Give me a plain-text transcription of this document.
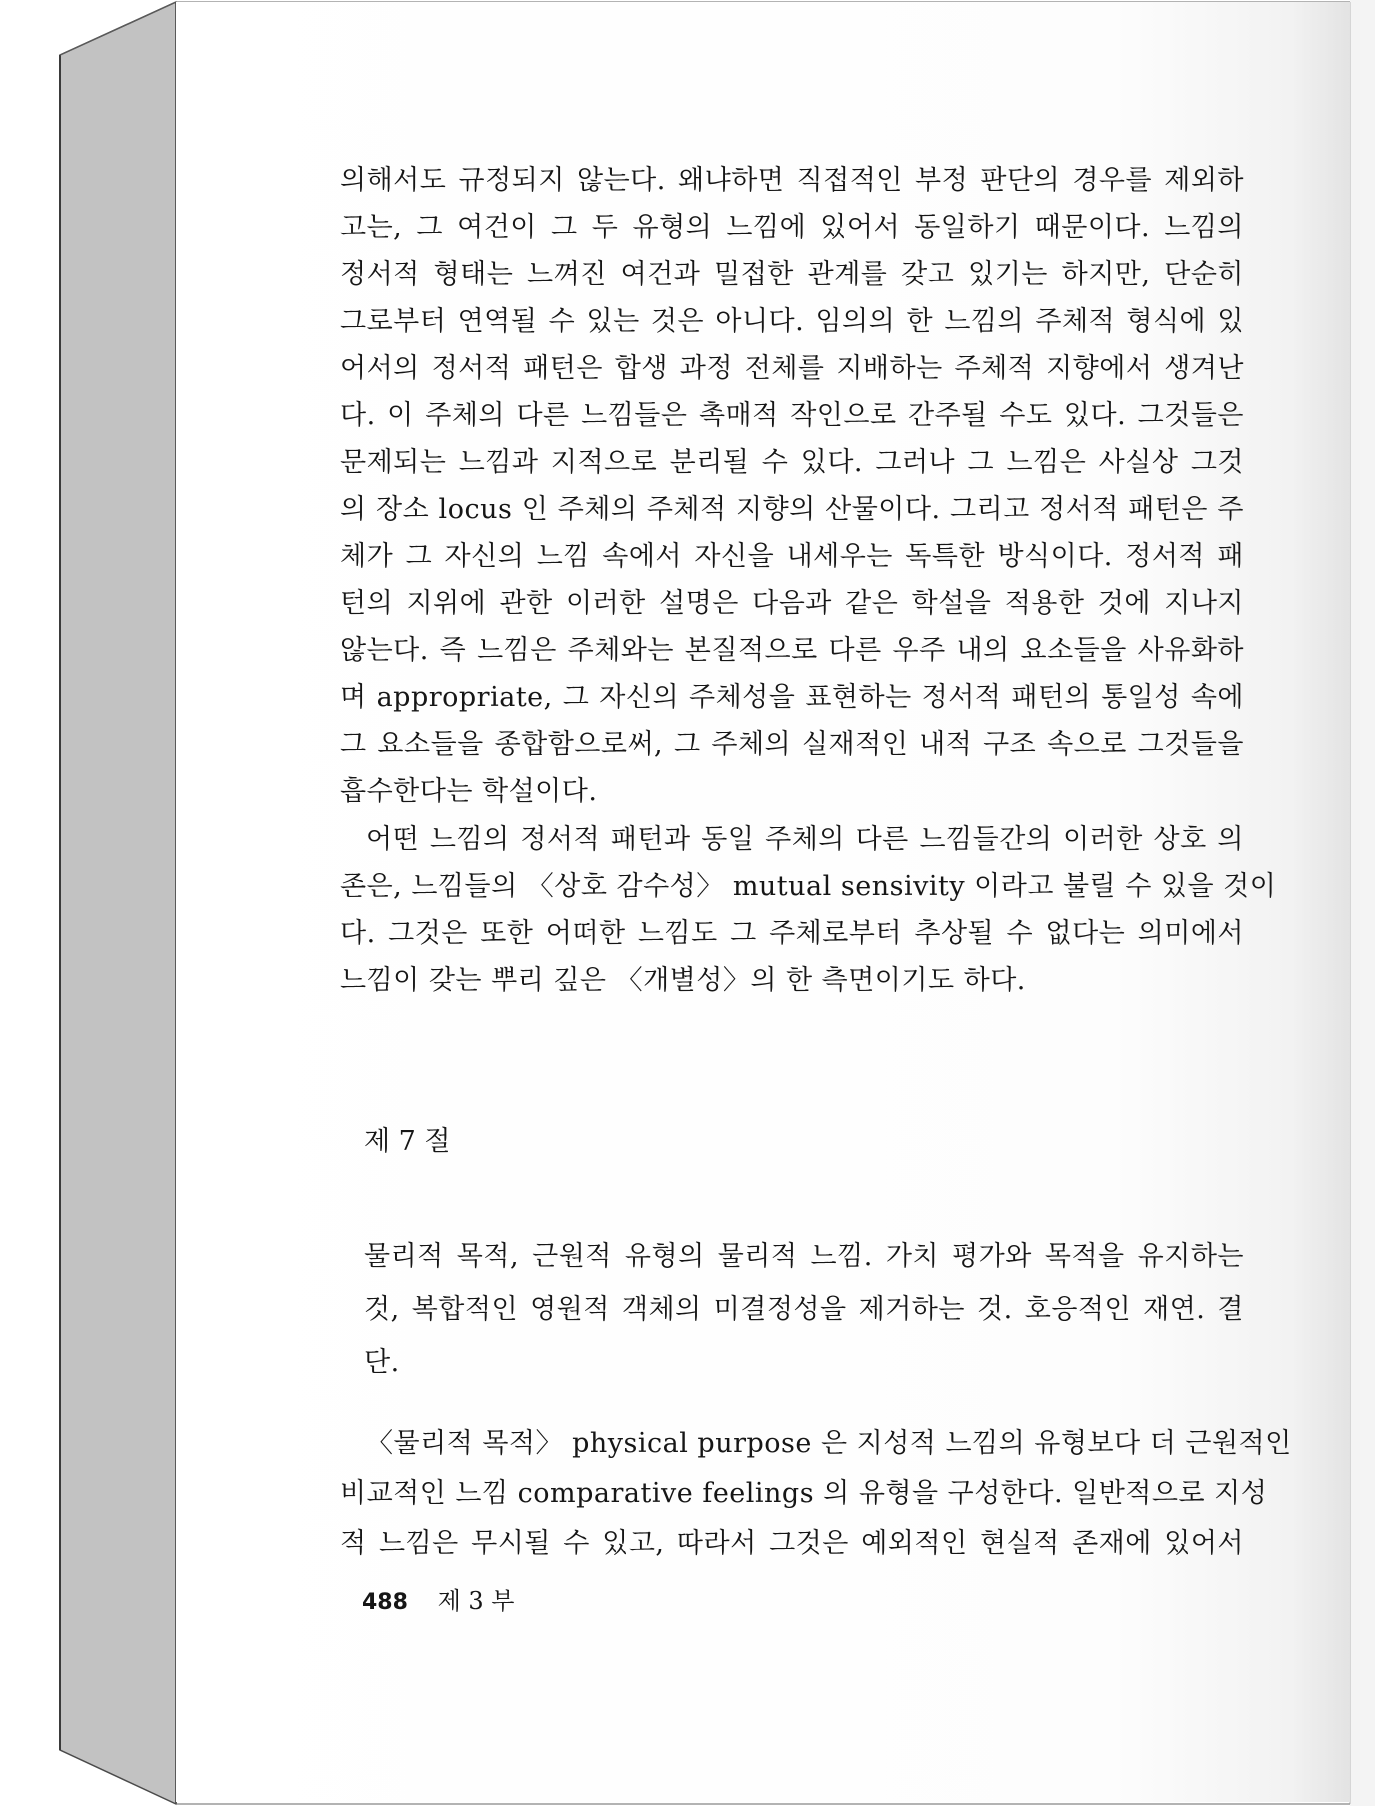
의해서도 규정되지 않는다. 왜냐하면 직접적인 부정 판단의 경우를 제외하
고는, 그 여건이 그 두 유형의 느낌에 있어서 동일하기 때문이다. 느낌의
정서적 형태는 느껴진 여건과 밀접한 관계를 갖고 있기는 하지만, 단순히
그로부터 연역될 수 있는 것은 아니다. 임의의 한 느낌의 주체적 형식에 있
어서의 정서적 패턴은 합생 과정 전체를 지배하는 주체적 지향에서 생겨난
다. 이 주체의 다른 느낌들은 촉매적 작인으로 간주될 수도 있다. 그것들은
문제되는 느낌과 지적으로 분리될 수 있다. 그러나 그 느낌은 사실상 그것
의 장소 locus 인 주체의 주체적 지향의 산물이다. 그리고 정서적 패턴은 주
체가 그 자신의 느낌 속에서 자신을 내세우는 독특한 방식이다. 정서적 패
턴의 지위에 관한 이러한 설명은 다음과 같은 학설을 적용한 것에 지나지
않는다. 즉 느낌은 주체와는 본질적으로 다른 우주 내의 요소들을 사유화하
며 appropriate, 그 자신의 주체성을 표현하는 정서적 패턴의 통일성 속에
그 요소들을 종합함으로써, 그 주체의 실재적인 내적 구조 속으로 그것들을
흡수한다는 학설이다.
어떤 느낌의 정서적 패턴과 동일 주체의 다른 느낌들간의 이러한 상호 의
존은, 느낌들의 〈상호 감수성〉 mutual sensivity 이라고 불릴 수 있을 것이
다. 그것은 또한 어떠한 느낌도 그 주체로부터 추상될 수 없다는 의미에서
느낌이 갖는 뿌리 깊은 〈개별성〉의 한 측면이기도 하다.
제 7 절
물리적 목적, 근원적 유형의 물리적 느낌. 가치 평가와 목적을 유지하는
것, 복합적인 영원적 객체의 미결정성을 제거하는 것. 호응적인 재연. 결
단.
〈물리적 목적〉 physical purpose 은 지성적 느낌의 유형보다 더 근원적인
비교적인 느낌 comparative feelings 의 유형을 구성한다. 일반적으로 지성
적 느낌은 무시될 수 있고, 따라서 그것은 예외적인 현실적 존재에 있어서
488 제 3 부
